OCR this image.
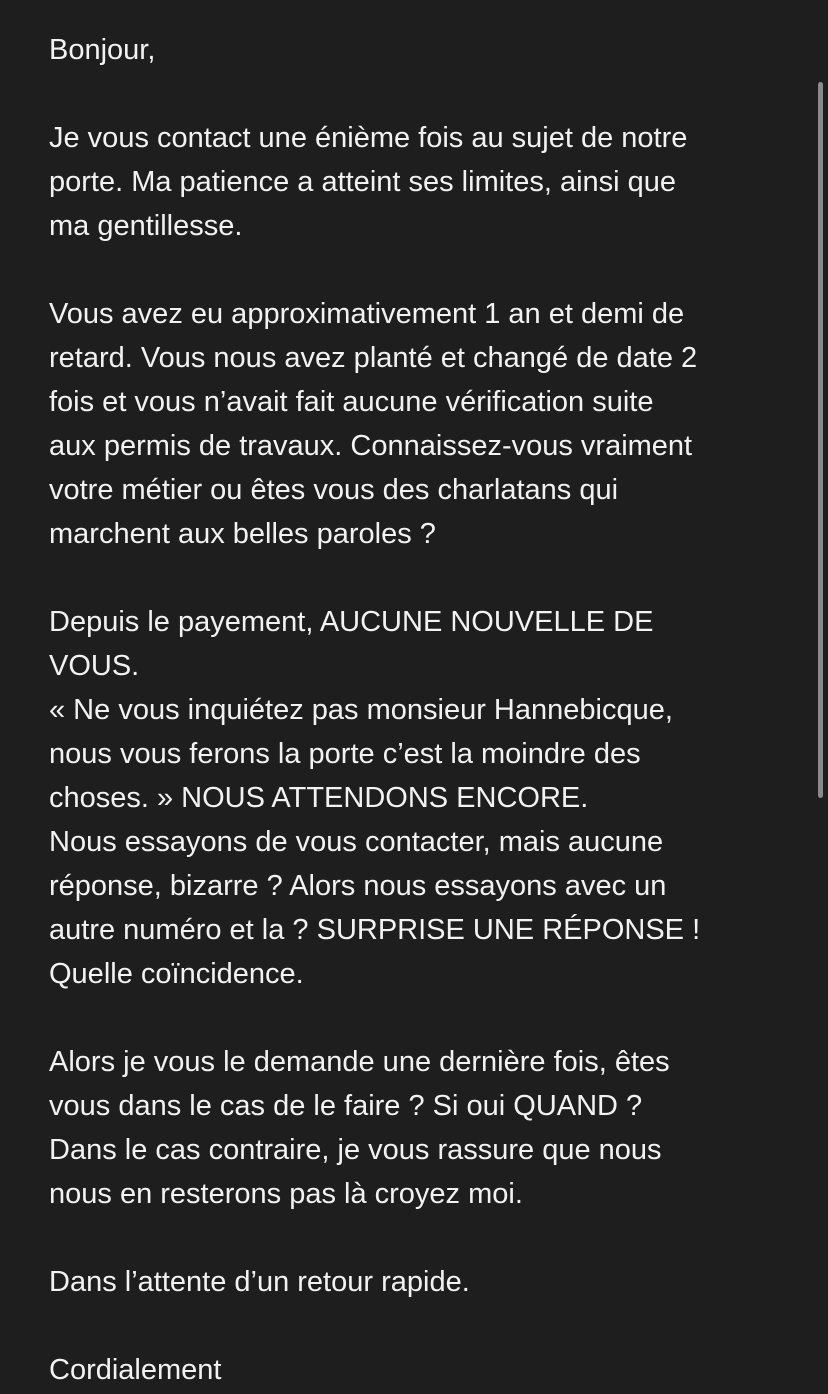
Bonjour,
Je vous contact une énième fois au sujet de notre
porte. Ma patience a atteint ses limites, ainsi que
ma gentillesse.
Vous avez eu approximativement 1 an et demi de
retard. Vous nous avez planté et changé de date 2
fois et vous n’avait fait aucune vérification suite
aux permis de travaux. Connaissez-vous vraiment
votre métier ou êtes vous des charlatans qui
marchent aux belles paroles ?
Depuis le payement, AUCUNE NOUVELLE DE
VOUS.
« Ne vous inquiétez pas monsieur Hannebicque,
nous vous ferons la porte c’est la moindre des
choses. » NOUS ATTENDONS ENCORE.
Nous essayons de vous contacter, mais aucune
réponse, bizarre ? Alors nous essayons avec un
autre numéro et la ? SURPRISE UNE RÉPONSE !
Quelle coïncidence.
Alors je vous le demande une dernière fois, êtes
vous dans le cas de le faire ? Si oui QUAND ?
Dans le cas contraire, je vous rassure que nous
nous en resterons pas là croyez moi.
Dans l’attente d’un retour rapide.
Cordialement
